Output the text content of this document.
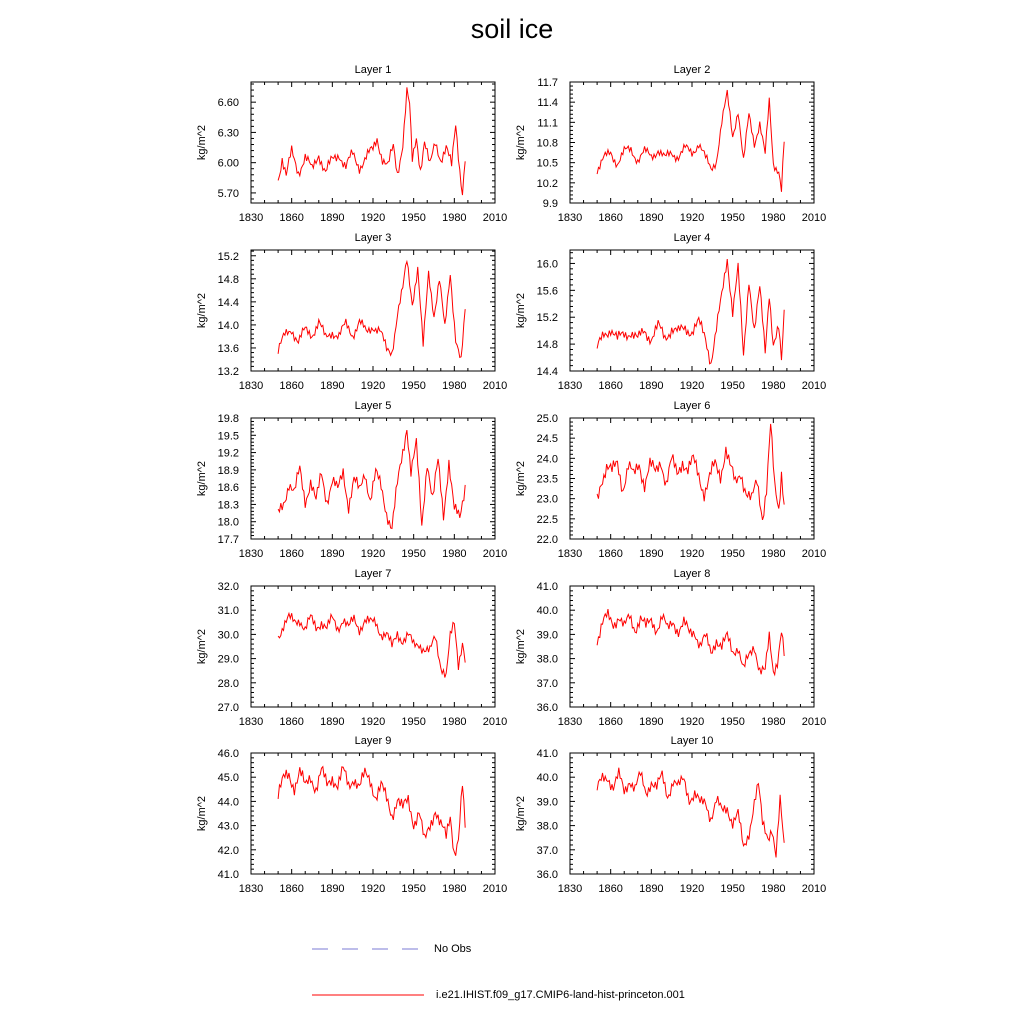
soil ice
Layer 1
kg/m^2
1830 1860 1890 1920 1950 1980 2010
5.70
6.00
6.30
6.60
Layer 2
kg/m^2
1830 1860 1890 1920 1950 1980 2010
9.9
10.2
10.5
10.8
11.1
11.4
11.7
Layer 3
kg/m^2
1830 1860 1890 1920 1950 1980 2010
13.2
13.6
14.0
14.4
14.8
15.2
Layer 4
kg/m^2
1830 1860 1890 1920 1950 1980 2010
14.4
14.8
15.2
15.6
16.0
Layer 5
kg/m^2
1830 1860 1890 1920 1950 1980 2010
17.7
18.0
18.3
18.6
18.9
19.2
19.5
19.8
Layer 6
kg/m^2
1830 1860 1890 1920 1950 1980 2010
22.0
22.5
23.0
23.5
24.0
24.5
25.0
Layer 7
kg/m^2
1830 1860 1890 1920 1950 1980 2010
27.0
28.0
29.0
30.0
31.0
32.0
Layer 8
kg/m^2
1830 1860 1890 1920 1950 1980 2010
36.0
37.0
38.0
39.0
40.0
41.0
Layer 9
kg/m^2
1830 1860 1890 1920 1950 1980 2010
41.0
42.0
43.0
44.0
45.0
46.0
Layer 10
kg/m^2
1830 1860 1890 1920 1950 1980 2010
36.0
37.0
38.0
39.0
40.0
41.0
No Obs
i.e21.IHIST.f09_g17.CMIP6-land-hist-princeton.001
